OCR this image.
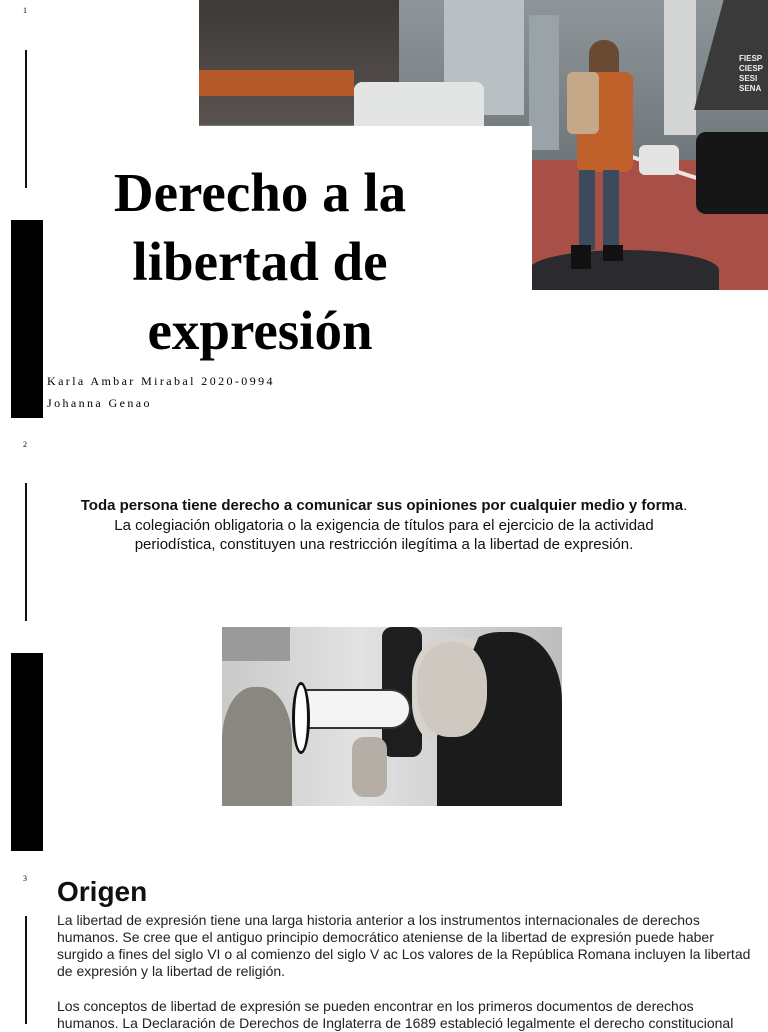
1
FIESP
CIESP
SESI
SENA
Derecho a la
libertad de
expresión
Karla Ambar Mirabal 2020-0994
Johanna Genao
2
Toda persona tiene derecho a comunicar sus opiniones por cualquier medio y forma. La colegiación obligatoria o la exigencia de títulos para el ejercicio de la actividad periodística, constituyen una restricción ilegítima a la libertad de expresión.
3 Origen
La libertad de expresión tiene una larga historia anterior a los instrumentos internacionales de derechos humanos. Se cree que el antiguo principio democrático ateniense de la libertad de expresión puede haber surgido a fines del siglo VI o al comienzo del siglo V ac Los valores de la República Romana incluyen la libertad de expresión y la libertad de religión.
Los conceptos de libertad de expresión se pueden encontrar en los primeros documentos de derechos humanos. La Declaración de Derechos de Inglaterra de 1689 estableció legalmente el derecho constitucional
